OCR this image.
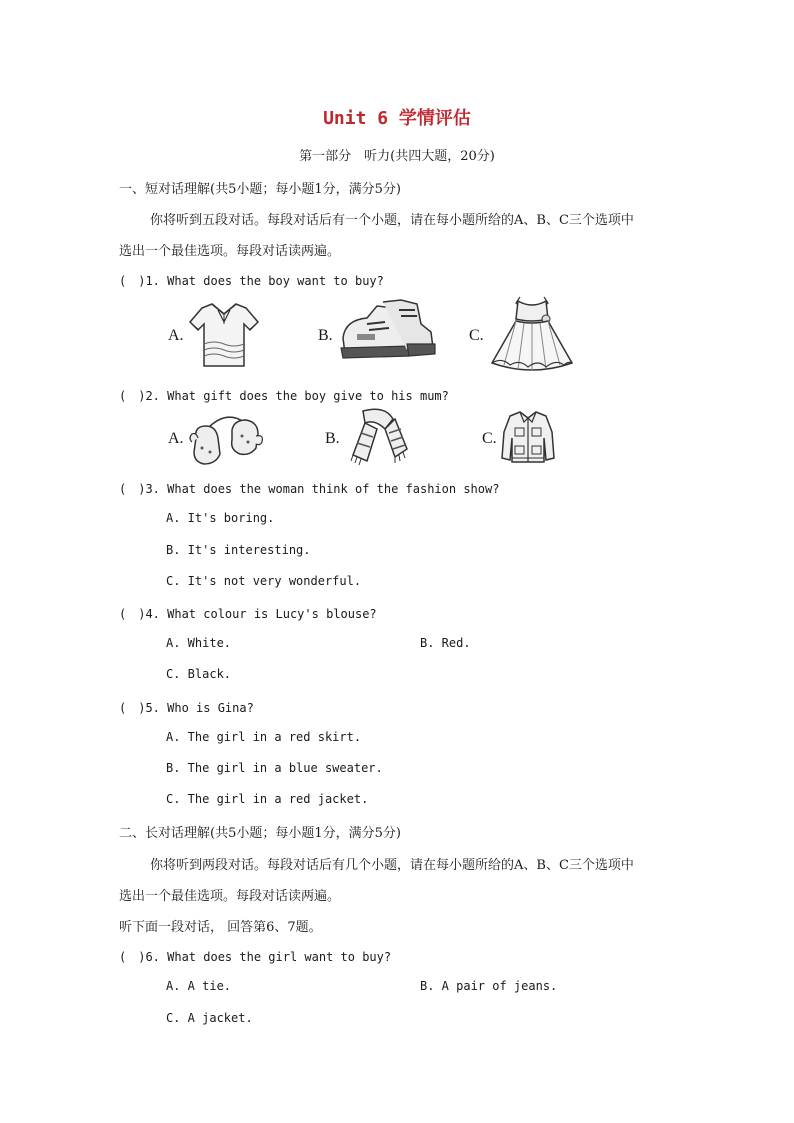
Unit 6 学情评估
第一部分　听力(共四大题，20分)
一、短对话理解(共5小题；每小题1分，满分5分)
你将听到五段对话。每段对话后有一个小题，请在每小题所给的A、B、C三个选项中
选出一个最佳选项。每段对话读两遍。
(　)1. What does the boy want to buy?
A.	B.	C.
(　)2. What gift does the boy give to his mum?
A.	B.	C.
(　)3. What does the woman think of the fashion show?
A. It's boring.
B. It's interesting.
C. It's not very wonderful.
(　)4. What colour is Lucy's blouse?
A. White.	B. Red.
C. Black.
(　)5. Who is Gina?
A. The girl in a red skirt.
B. The girl in a blue sweater.
C. The girl in a red jacket.
二、长对话理解(共5小题；每小题1分，满分5分)
你将听到两段对话。每段对话后有几个小题，请在每小题所给的A、B、C三个选项中
选出一个最佳选项。每段对话读两遍。
听下面一段对话， 回答第6、7题。
(　)6. What does the girl want to buy?
A. A tie.	B. A pair of jeans.
C. A jacket.
